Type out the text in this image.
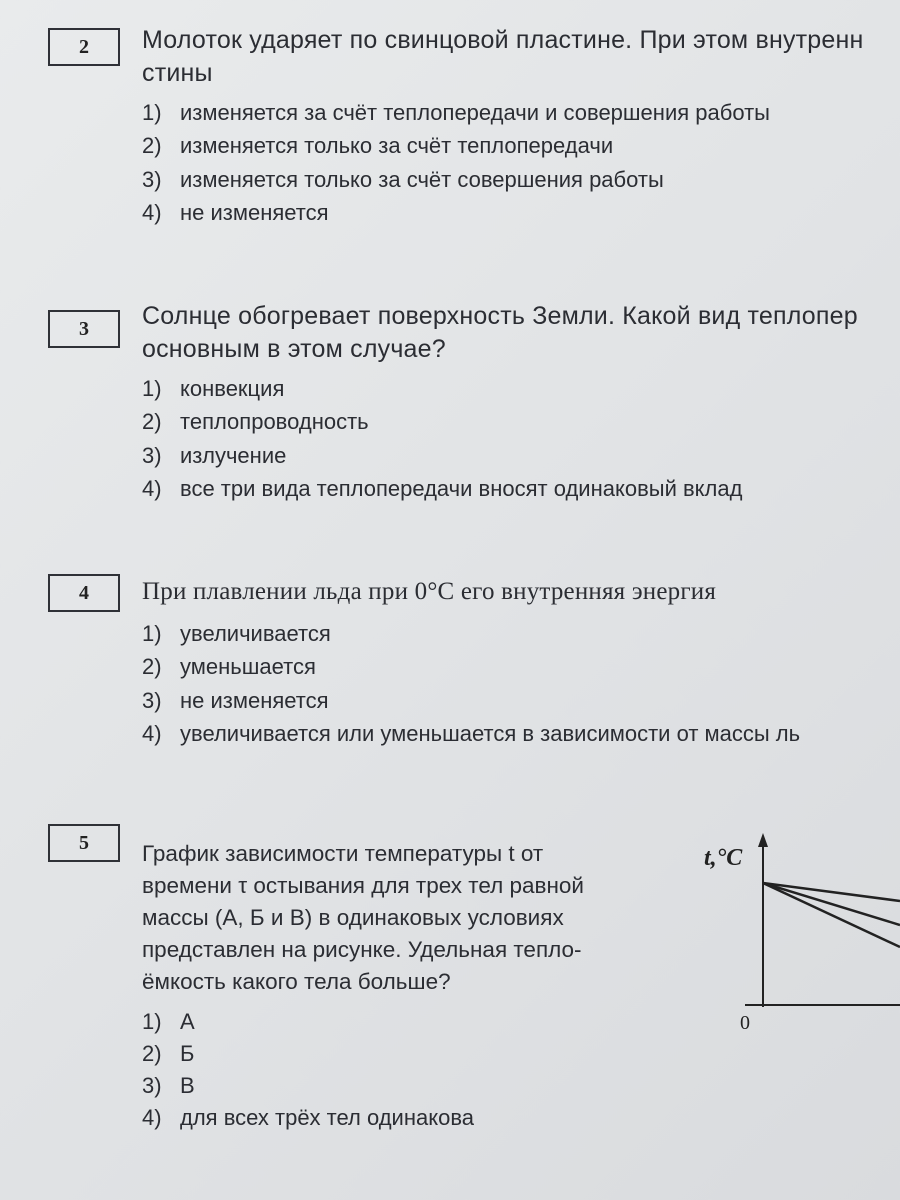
2 Молоток ударяет по свинцовой пластине. При этом внутренн
стины
1) изменяется за счёт теплопередачи и совершения работы
2) изменяется только за счёт теплопередачи
3) изменяется только за счёт совершения работы
4) не изменяется
3 Солнце обогревает поверхность Земли. Какой вид теплопер
основным в этом случае?
1) конвекция
2) теплопроводность
3) излучение
4) все три вида теплопередачи вносят одинаковый вклад
4 При плавлении льда при 0°С его внутренняя энергия
1) увеличивается
2) уменьшается
3) не изменяется
4) увеличивается или уменьшается в зависимости от массы ль
5 График зависимости температуры t от
времени τ остывания для трех тел равной
массы (А, Б и В) в одинаковых условиях
представлен на рисунке. Удельная тепло-
ёмкость какого тела больше?
1) А
2) Б
3) В
4) для всех трёх тел одинакова
t,°C
0
